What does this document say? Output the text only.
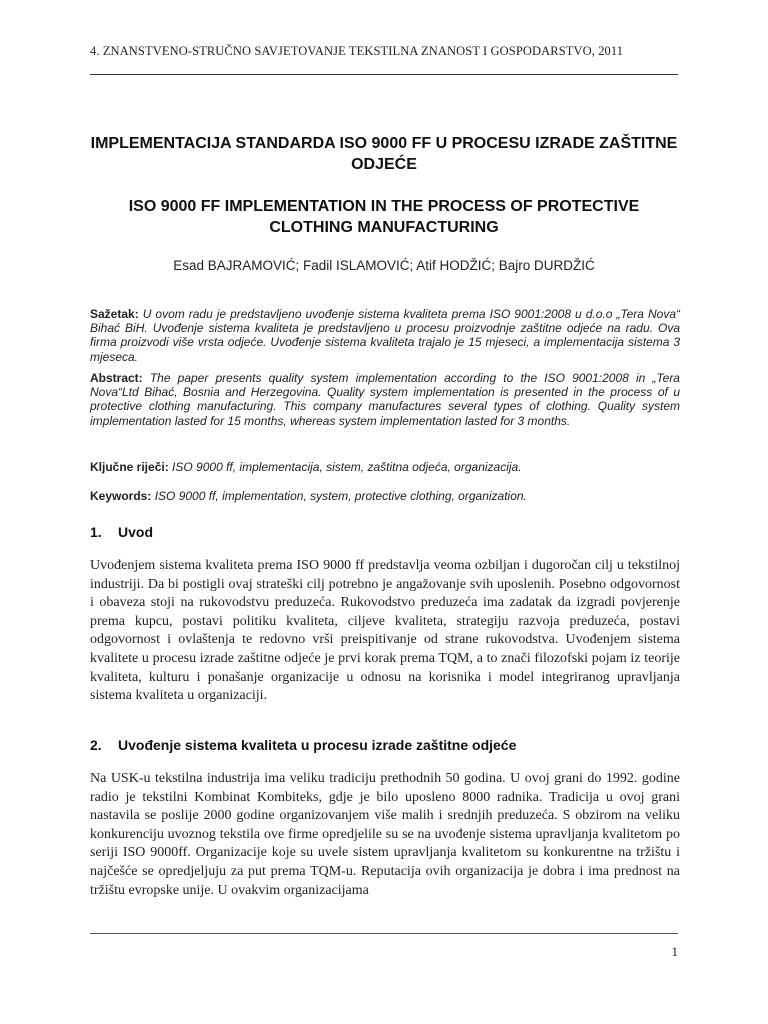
4. ZNANSTVENO-STRUČNO SAVJETOVANJE TEKSTILNA ZNANOST I GOSPODARSTVO, 2011
IMPLEMENTACIJA STANDARDA ISO 9000 FF U PROCESU IZRADE ZAŠTITNE ODJEĆE
ISO 9000 FF IMPLEMENTATION IN THE PROCESS OF PROTECTIVE CLOTHING MANUFACTURING
Esad BAJRAMOVIĆ; Fadil ISLAMOVIĆ; Atif HODŽIĆ; Bajro DURDŽIĆ
Sažetak: U ovom radu je predstavljeno uvođenje sistema kvaliteta prema ISO 9001:2008 u d.o.o „Tera Nova“ Bihać BiH. Uvođenje sistema kvaliteta je predstavljeno u procesu proizvodnje zaštitne odjeće na radu. Ova firma proizvodi više vrsta odjeće. Uvođenje sistema kvaliteta trajalo je 15 mjeseci, a implementacija sistema 3 mjeseca.
Abstract: The paper presents quality system implementation according to the ISO 9001:2008 in „Tera Nova“Ltd Bihać, Bosnia and Herzegovina. Quality system implementation is presented in the process of u protective clothing manufacturing. This company manufactures several types of clothing. Quality system implementation lasted for 15 months, whereas system implementation lasted for 3 months.
Ključne riječi: ISO 9000 ff, implementacija, sistem, zaštitna odjeća, organizacija.
Keywords: ISO 9000 ff, implementation, system, protective clothing, organization.
1. Uvod
Uvođenjem sistema kvaliteta prema ISO 9000 ff predstavlja veoma ozbiljan i dugoročan cilj u tekstilnoj industriji. Da bi postigli ovaj strateški cilj potrebno je angažovanje svih uposlenih. Posebno odgovornost i obaveza stoji na rukovodstvu preduzeća. Rukovodstvo preduzeća ima zadatak da izgradi povjerenje prema kupcu, postavi politiku kvaliteta, ciljeve kvaliteta, strategiju razvoja preduzeća, postavi odgovornost i ovlaštenja te redovno vrši preispitivanje od strane rukovodstva. Uvođenjem sistema kvalitete u procesu izrade zaštitne odjeće je prvi korak prema TQM, a to znači filozofski pojam iz teorije kvaliteta, kulturu i ponašanje organizacije u odnosu na korisnika i model integriranog upravljanja sistema kvaliteta u organizaciji.
2. Uvođenje sistema kvaliteta u procesu izrade zaštitne odjeće
Na USK-u tekstilna industrija ima veliku tradiciju prethodnih 50 godina. U ovoj grani do 1992. godine radio je tekstilni Kombinat Kombiteks, gdje je bilo uposleno 8000 radnika. Tradicija u ovoj grani nastavila se poslije 2000 godine organizovanjem više malih i srednjih preduzeća. S obzirom na veliku konkurenciju uvoznog tekstila ove firme opredjelile su se na uvođenje sistema upravljanja kvalitetom po seriji ISO 9000ff. Organizacije koje su uvele sistem upravljanja kvalitetom su konkurentne na tržištu i najčešće se opredjeljuju za put prema TQM-u. Reputacija ovih organizacija je dobra i ima prednost na tržištu evropske unije. U ovakvim organizacijama
1
